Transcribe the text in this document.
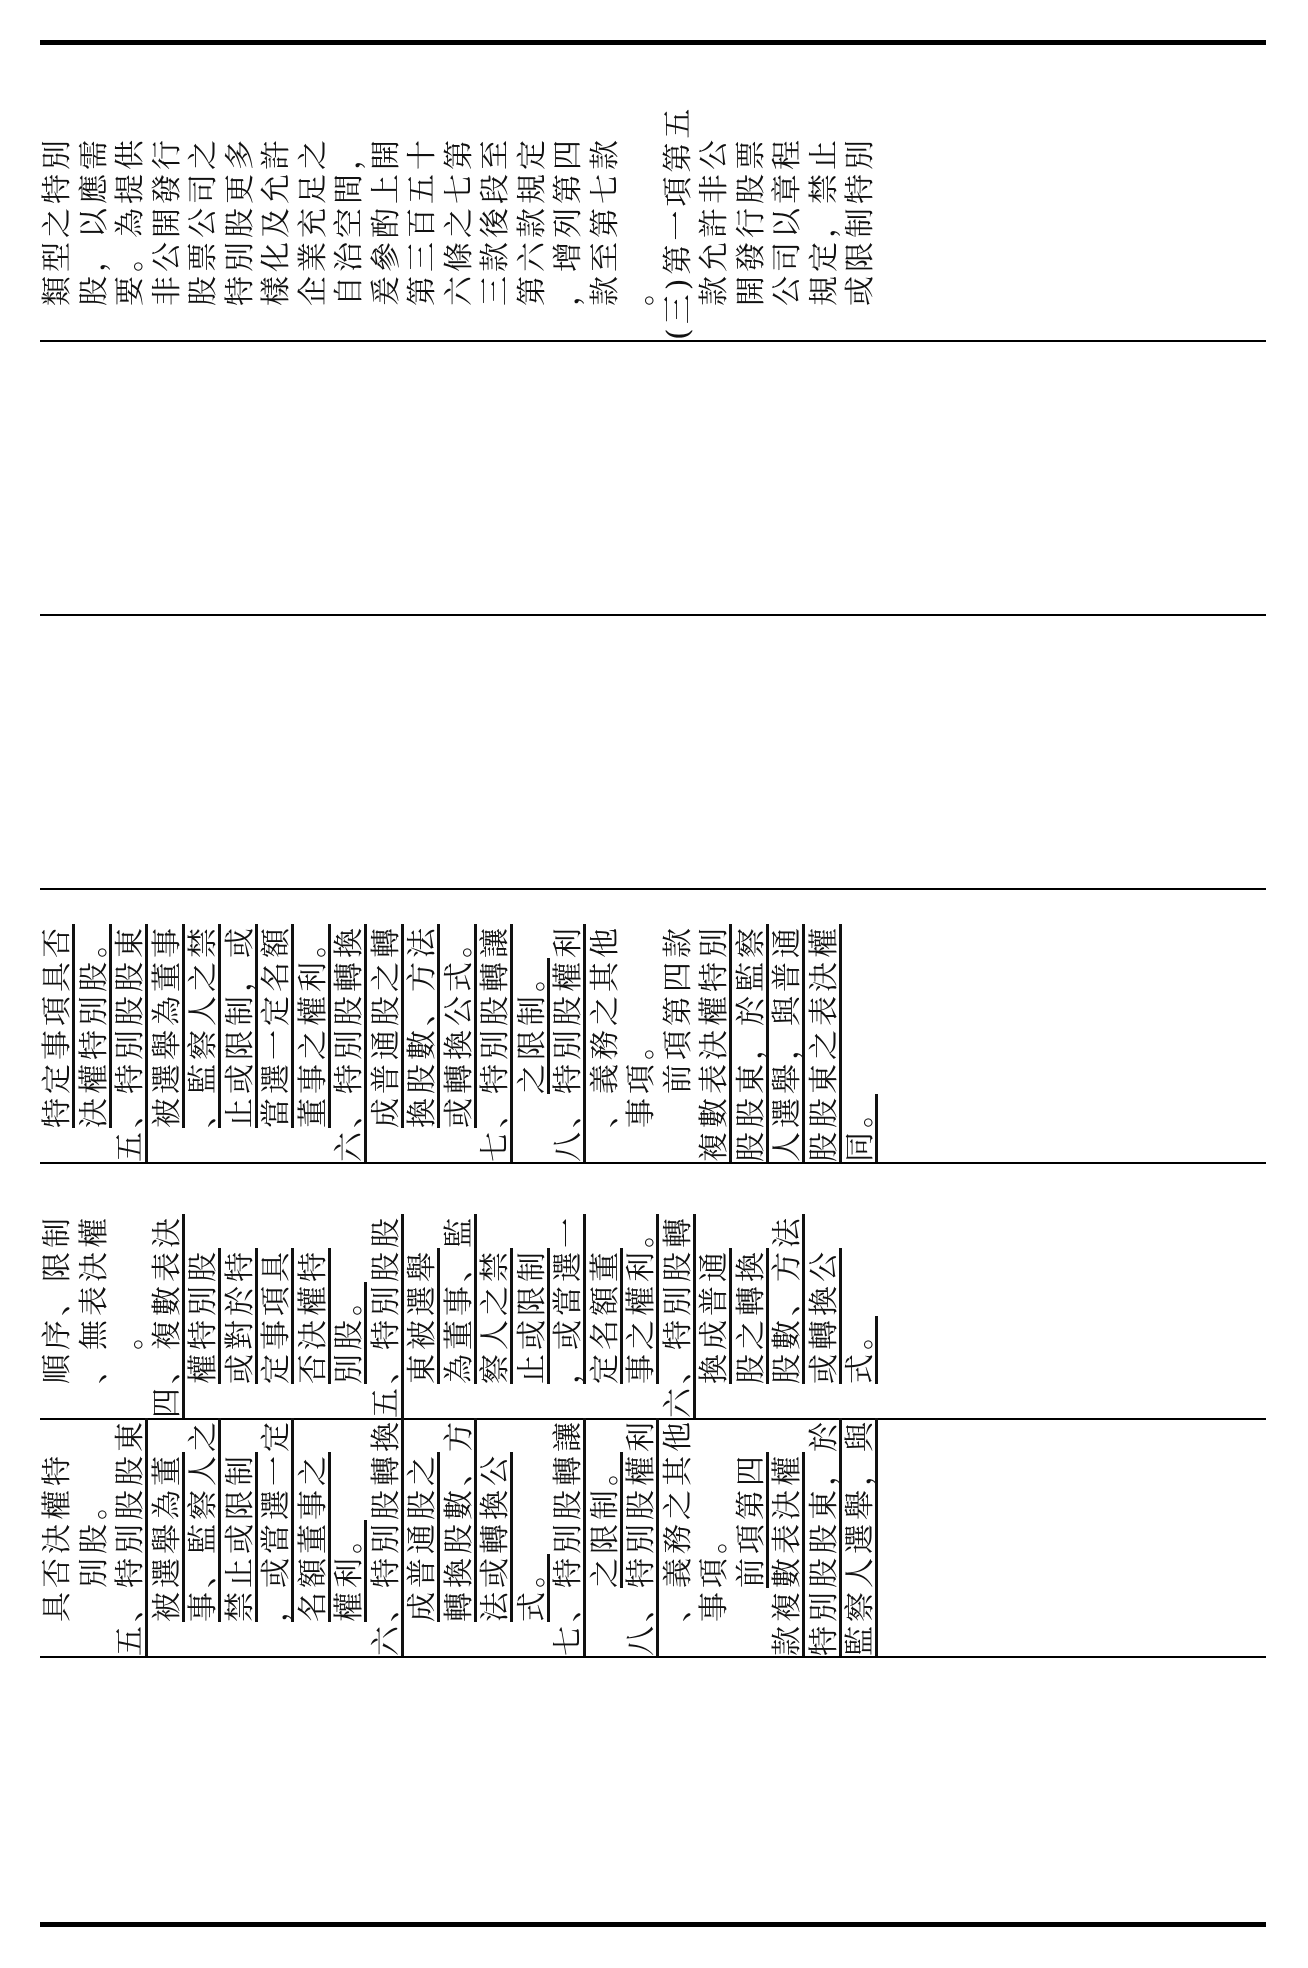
類型之特別 股，以應需 要。為提供 非公開發行 股票公司之 特別股更多 樣化及允許 企業充足之 自治空間， 爰參酌上開 第三百五十 六條之七第 三款後段至 第六款規定 ，增列第四 款至第七款 。 (三)第一項第五 款允許非公 開發行股票 公司以章程 規定，禁止 或限制特別
特定事項具否 決權特別股。 五、特別股股東 被選舉為董事 、監察人之禁 止或限制，或 當選一定名額 董事之權利。 六、特別股轉換 成普通股之轉 換股數、方法 或轉換公式。 七、特別股轉讓 之限制。 八、特別股權利 、義務之其他 事項。 前項第四款 複數表決權特別 股股東，於監察 人選舉，與普通 股股東之表決權 同。
順序、限制 、無表決權 。 四、複數表決 權特別股 或對於特 定事項具 否決權特 別股。 五、特別股股 東被選舉 為董事、監 察人之禁 止或限制 ，或當選一 定名額董 事之權利。 六、特別股轉 換成普通 股之轉換 股數、方法 或轉換公 式。
具否決權特 別股。 五、特別股股東 被選舉為董 事、監察人之 禁止或限制 ，或當選一定 名額董事之 權利。 六、特別股轉換 成普通股之 轉換股數、方 法或轉換公 式。 七、特別股轉讓 之限制。 八、特別股權利 、義務之其他 事項。 前項第四 款複數表決權 特別股股東，於 監察人選舉，與
